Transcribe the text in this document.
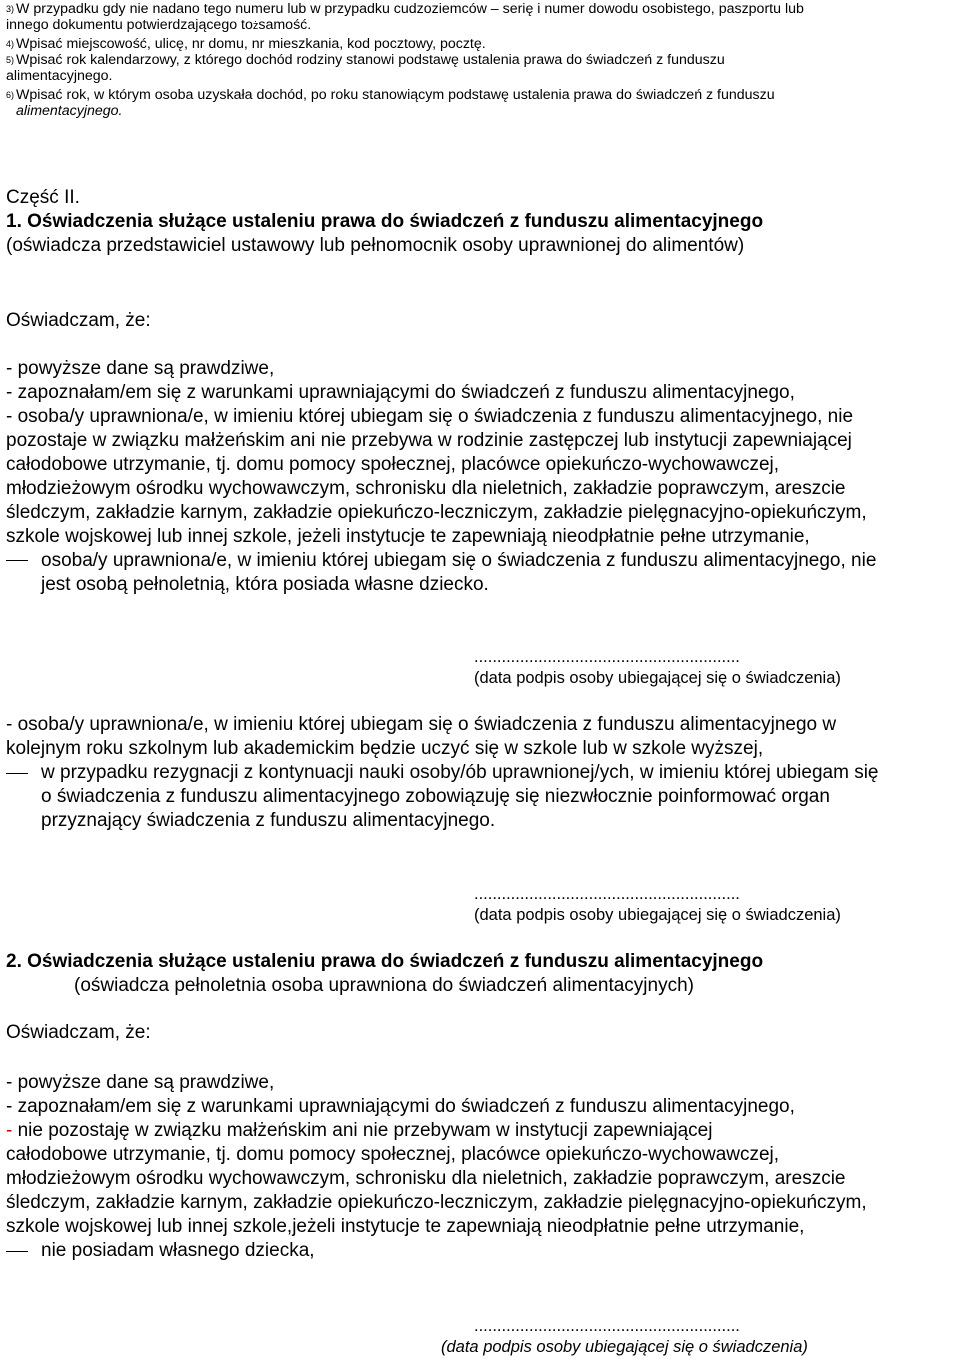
3) W przypadku gdy nie nadano tego numeru lub w przypadku cudzoziemców – serię i numer dowodu osobistego, paszportu lub
innego dokumentu potwierdzającego tożsamość.
4) Wpisać miejscowość, ulicę, nr domu, nr mieszkania, kod pocztowy, pocztę.
5) Wpisać rok kalendarzowy, z którego dochód rodziny stanowi podstawę ustalenia prawa do świadczeń z funduszu
alimentacyjnego.
6) Wpisać rok, w którym osoba uzyskała dochód, po roku stanowiącym podstawę ustalenia prawa do świadczeń z funduszu
alimentacyjnego.
Część II.
1. Oświadczenia służące ustaleniu prawa do świadczeń z funduszu alimentacyjnego
(oświadcza przedstawiciel ustawowy lub pełnomocnik osoby uprawnionej do alimentów)
Oświadczam, że:
- powyższe dane są prawdziwe,
- zapoznałam/em się z warunkami uprawniającymi do świadczeń z funduszu alimentacyjnego,
- osoba/y uprawniona/e, w imieniu której ubiegam się o świadczenia z funduszu alimentacyjnego, nie
pozostaje w związku małżeńskim ani nie przebywa w rodzinie zastępczej lub instytucji zapewniającej
całodobowe utrzymanie, tj. domu pomocy społecznej, placówce opiekuńczo-wychowawczej,
młodzieżowym ośrodku wychowawczym, schronisku dla nieletnich, zakładzie poprawczym, areszcie
śledczym, zakładzie karnym, zakładzie opiekuńczo-leczniczym, zakładzie pielęgnacyjno-opiekuńczym,
szkole wojskowej lub innej szkole, jeżeli instytucje te zapewniają nieodpłatnie pełne utrzymanie,
osoba/y uprawniona/e, w imieniu której ubiegam się o świadczenia z funduszu alimentacyjnego, nie
jest osobą pełnoletnią, która posiada własne dziecko.
..........................................................
(data podpis osoby ubiegającej się o świadczenia)
- osoba/y uprawniona/e, w imieniu której ubiegam się o świadczenia z funduszu alimentacyjnego w
kolejnym roku szkolnym lub akademickim będzie uczyć się w szkole lub w szkole wyższej,
w przypadku rezygnacji z kontynuacji nauki osoby/ób uprawnionej/ych, w imieniu której ubiegam się
o świadczenia z funduszu alimentacyjnego zobowiązuję się niezwłocznie poinformować organ
przyznający świadczenia z funduszu alimentacyjnego.
..........................................................
(data podpis osoby ubiegającej się o świadczenia)
2. Oświadczenia służące ustaleniu prawa do świadczeń z funduszu alimentacyjnego
(oświadcza pełnoletnia osoba uprawniona do świadczeń alimentacyjnych)
Oświadczam, że:
- powyższe dane są prawdziwe,
- zapoznałam/em się z warunkami uprawniającymi do świadczeń z funduszu alimentacyjnego,
- nie pozostaję w związku małżeńskim ani nie przebywam w instytucji zapewniającej
całodobowe utrzymanie, tj. domu pomocy społecznej, placówce opiekuńczo-wychowawczej,
młodzieżowym ośrodku wychowawczym, schronisku dla nieletnich, zakładzie poprawczym, areszcie
śledczym, zakładzie karnym, zakładzie opiekuńczo-leczniczym, zakładzie pielęgnacyjno-opiekuńczym,
szkole wojskowej lub innej szkole,jeżeli instytucje te zapewniają nieodpłatnie pełne utrzymanie,
nie posiadam własnego dziecka,
..........................................................
(data podpis osoby ubiegającej się o świadczenia)
